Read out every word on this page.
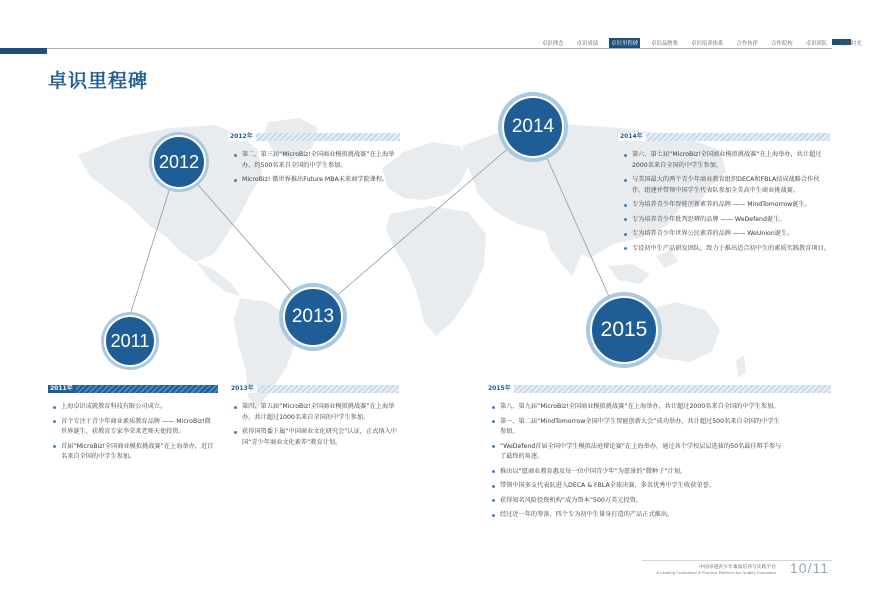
卓识理念	卓识成绩	卓识里程碑	卓识品牌集	卓识培养体系	合作伙伴	合作院校	卓识团队	精彩时光
卓识里程碑
2012
2014
2013
2011	2015
2012年
第二、第三届“MicroBiz!全国商业模拟挑战赛”在上海举办，约500名来自全国的中学生参加。
MicroBiz! 微世界推出Future MBA未来商学院课程。
2014年
第六、第七届“MicroBiz!全国商业模拟挑战赛”在上海举办，共计超过2000名来自全国的中学生参加。
与美国最大的两个青少年商业教育组织DECA和FBLA结成战略合作伙伴，组建并带领中国学生代表队参加全美高中生商业挑战赛。
专为培养青少年智能创新素养的品牌 —— MindTomorrow诞生。
专为培养青少年批判思辨的品牌 —— WeDefend诞生。
专为培养青少年世界公民素养的品牌 —— WeUnion诞生。
专设初中生产品研发团队，致力于推出适合初中生的素质实践教育项目。
2011年
上海卓识成就教育科技有限公司成立。
首个专注于青少年商业素质教育品牌 —— MicroBiz!微世界诞生，获教育专家李荣来老师天使投资。
首届“MicroBiz!全国商业模拟挑战赛”在上海举办，近百名来自全国的中学生参加。
2013年
第四、第五届“MicroBiz!全国商业模拟挑战赛”在上海举办，共计超过1000名来自全国的中学生参加。
获得国资委下属“中国商业文化研究会”认证，正式纳入中国“青少年商业文化素养”教育计划。
2015年
第八、第九届“MicroBiz!全国商业模拟挑战赛”在上海举办，共计超过2000名来自全国的中学生参加。
第一、第二届“MindTomorrow全国中学生智能创新大会”成功举办，共计超过500名来自全国的中学生参加。
“WeDefend首届全国中学生模拟法庭辩论赛”在上海举办，通过各个学校层层选拔的50名最佳辩手参与了最终的角逐。
推出以“愿商业教育惠及每一位中国青少年”为愿景的“微种子”计划。
带领中国多支代表队进入DECA & FBLA全球决赛，多名优秀中学生收获荣誉。
获得知名风险投资机构“成为资本”500万美元投资。
经过近一年的筹备，四个专为初中生量身打造的产品正式推出。
中国卓越青少年素质培养与实践平台
A Leading Cultivation & Practice Platform for Quality Education 10/11
